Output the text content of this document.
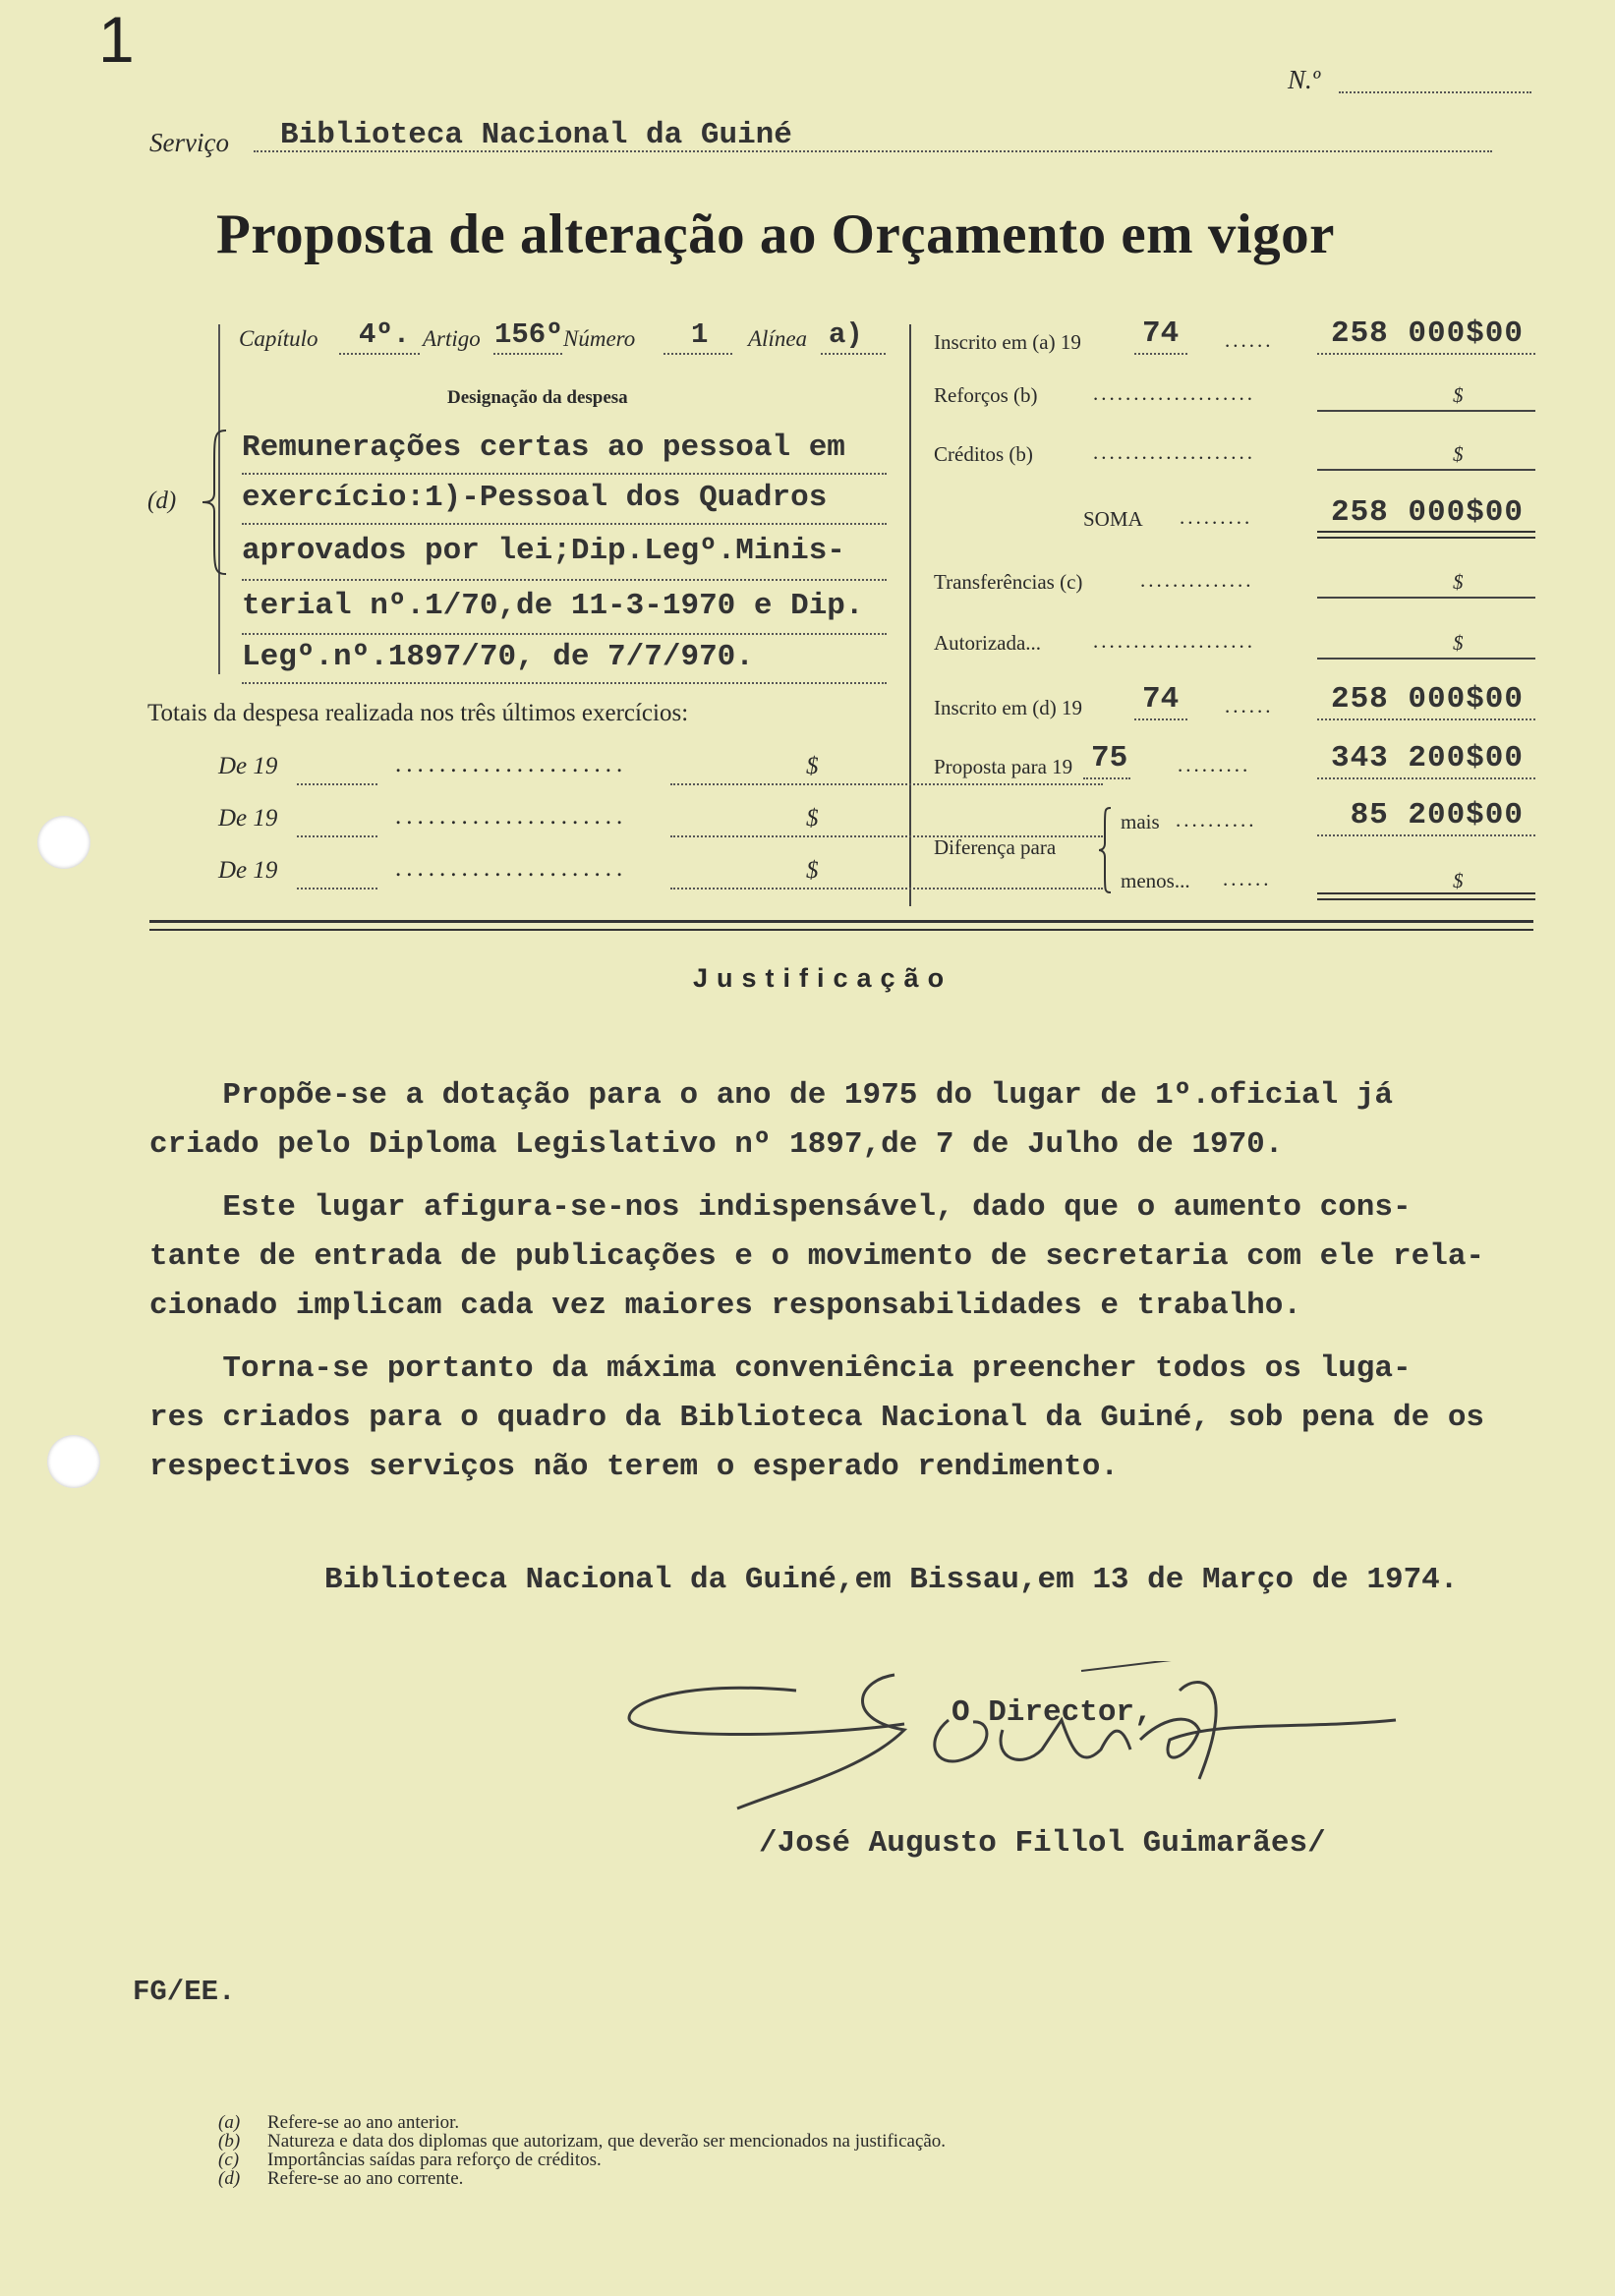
1
N.º
Serviço Biblioteca Nacional da Guiné
Proposta de alteração ao Orçamento em vigor
Capítulo 4º. Artigo 156º Número 1 Alínea a)
Designação da despesa
(d)
Remunerações certas ao pessoal em
exercício:1)-Pessoal dos Quadros
aprovados por lei;Dip.Legº.Minis-
terial nº.1/70,de 11-3-1970 e Dip.
Legº.nº.1897/70, de 7/7/970.
Totais da despesa realizada nos três últimos exercícios:
De 19	.....................	$
De 19	.....................	$
De 19	.....................	$
Inscrito em (a) 19 74 ......	258 000$00
Reforços (b)	....................	$
Créditos (b)	....................	$
SOMA .........	258 000$00
Transferências (c)	..............	$
Autorizada...	....................	$
Inscrito em (d) 19 74 ......	258 000$00
Proposta para 19 75 .........	343 200$00
Diferença para
mais ..........	85 200$00
menos... ......	$
Justificação
Propõe-se a dotação para o ano de 1975 do lugar de 1º.oficial já
criado pelo Diploma Legislativo nº 1897,de 7 de Julho de 1970.
Este lugar afigura-se-nos indispensável, dado que o aumento cons-
tante de entrada de publicações e o movimento de secretaria com ele rela-
cionado implicam cada vez maiores responsabilidades e trabalho.
Torna-se portanto da máxima conveniência preencher todos os luga-
res criados para o quadro da Biblioteca Nacional da Guiné, sob pena de os
respectivos serviços não terem o esperado rendimento.
Biblioteca Nacional da Guiné,em Bissau,em 13 de Março de 1974.
O Director,
/José Augusto Fillol Guimarães/
FG/EE.
(a) Refere-se ao ano anterior.
(b) Natureza e data dos diplomas que autorizam, que deverão ser mencionados na justificação.
(c) Importâncias saídas para reforço de créditos.
(d) Refere-se ao ano corrente.
